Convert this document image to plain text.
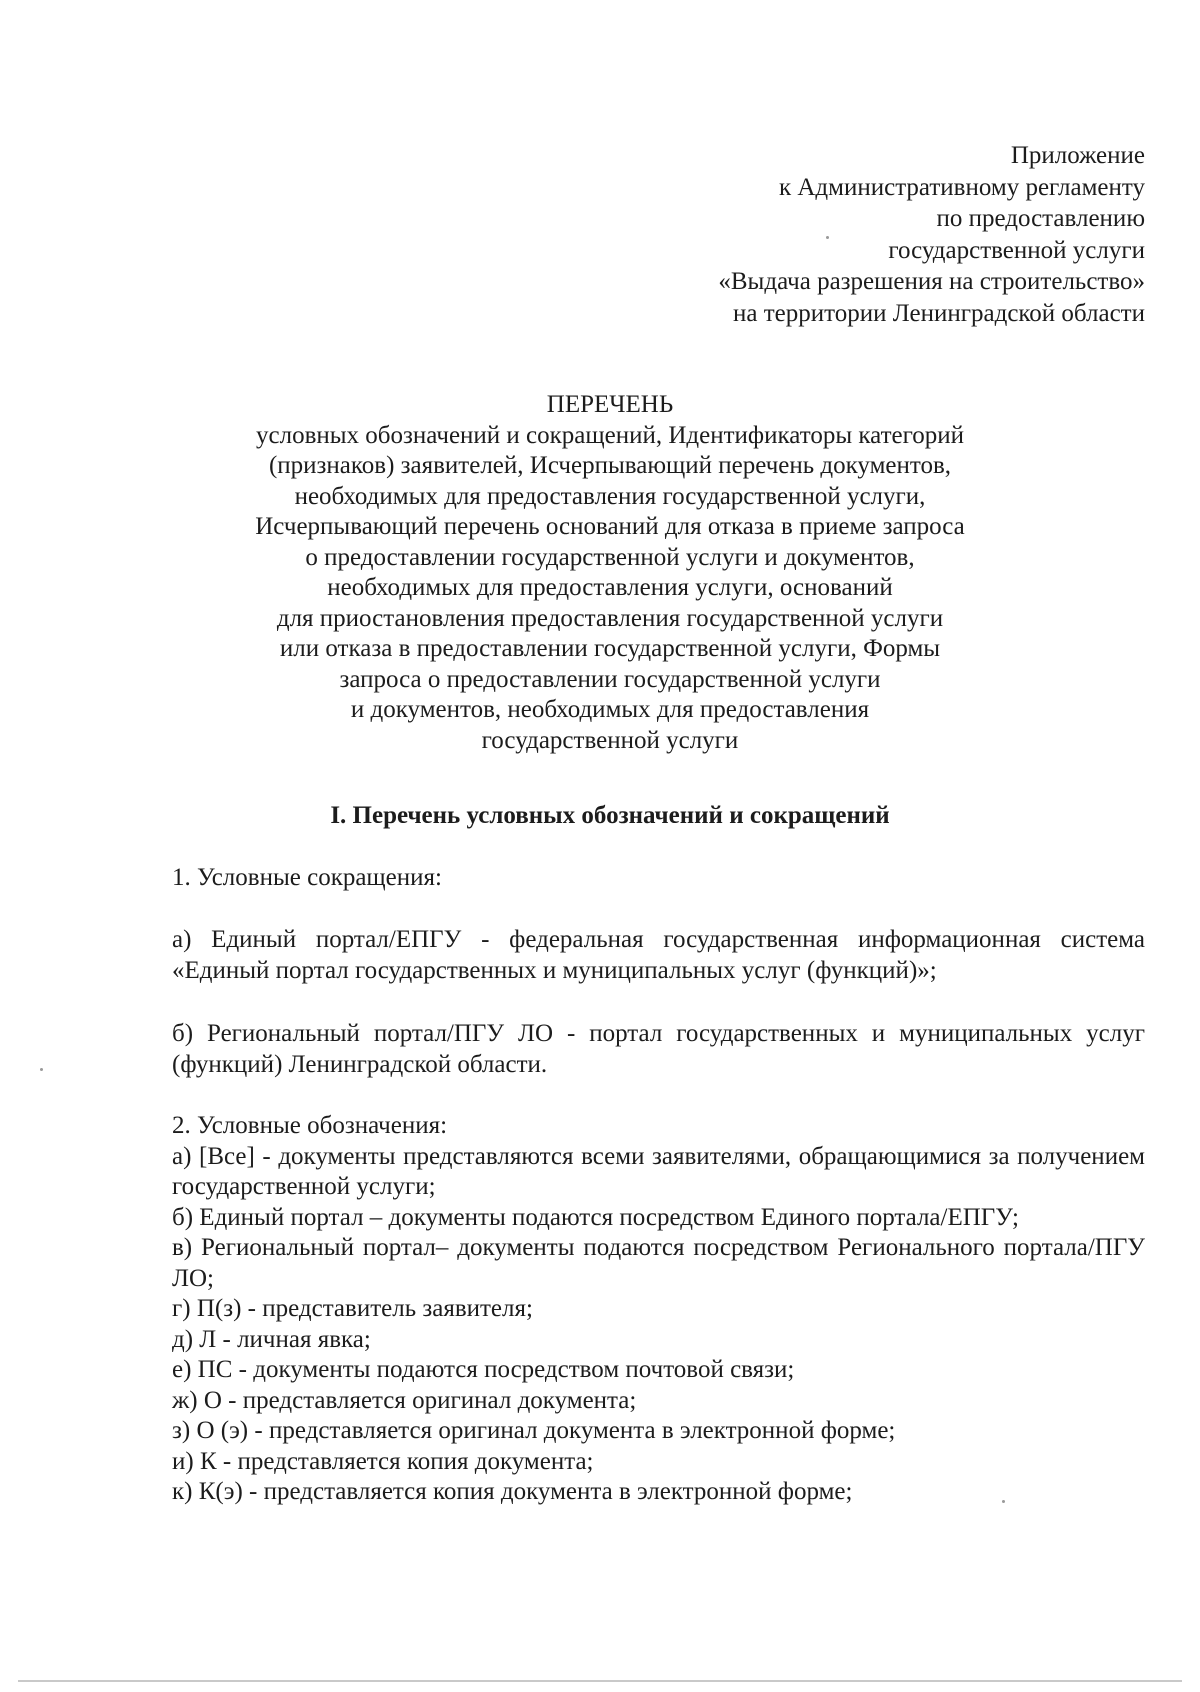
Приложение
к Административному регламенту
по предоставлению
государственной услуги
«Выдача разрешения на строительство»
на территории Ленинградской области
ПЕРЕЧЕНЬ
условных обозначений и сокращений, Идентификаторы категорий
(признаков) заявителей, Исчерпывающий перечень документов,
необходимых для предоставления государственной услуги,
Исчерпывающий перечень оснований для отказа в приеме запроса
о предоставлении государственной услуги и документов,
необходимых для предоставления услуги, оснований
для приостановления предоставления государственной услуги
или отказа в предоставлении государственной услуги, Формы
запроса о предоставлении государственной услуги
и документов, необходимых для предоставления
государственной услуги
I. Перечень условных обозначений и сокращений
1. Условные сокращения:
а) Единый портал/ЕПГУ - федеральная государственная информационная система «Единый портал государственных и муниципальных услуг (функций)»;
б) Региональный портал/ПГУ ЛО - портал государственных и муниципальных услуг (функций) Ленинградской области.
2. Условные обозначения:
а) [Все] - документы представляются всеми заявителями, обращающимися за получением государственной услуги;
б) Единый портал – документы подаются посредством Единого портала/ЕПГУ;
в) Региональный портал– документы подаются посредством Регионального портала/ПГУ ЛО;
г) П(з) - представитель заявителя;
д) Л - личная явка;
е) ПС - документы подаются посредством почтовой связи;
ж) О - представляется оригинал документа;
з) О (э) - представляется оригинал документа в электронной форме;
и) К - представляется копия документа;
к) К(э) - представляется копия документа в электронной форме;
